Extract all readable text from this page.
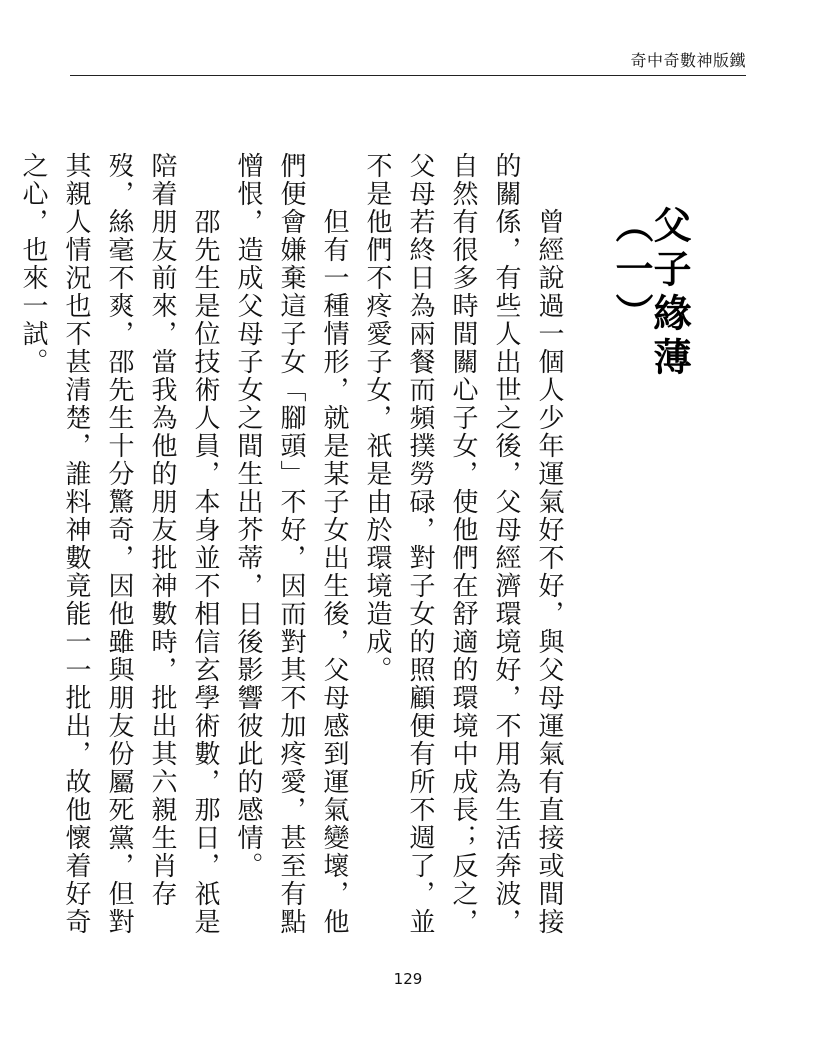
奇中奇數神版鐵
父子緣薄（一）

　　曾經說過一個人少年運氣好不好，與父母運氣有直接或間接的關係，有些人出世之後，父母經濟環境好，不用為生活奔波，自然有很多時間關心子女，使他們在舒適的環境中成長；反之，父母若終日為兩餐而頻撲勞碌，對子女的照顧便有所不週了，並不是他們不疼愛子女，祇是由於環境造成。

　　但有一種情形，就是某子女出生後，父母感到運氣變壞，他們便會嫌棄這子女「腳頭」不好，因而對其不加疼愛，甚至有點憎恨，造成父母子女之間生出芥蒂，日後影響彼此的感情。

　　邵先生是位技術人員，本身並不相信玄學術數，那日，祇是陪着朋友前來，當我為他的朋友批神數時，批出其六親生肖存歿，絲毫不爽，邵先生十分驚奇，因他雖與朋友份屬死黨，但對其親人情況也不甚清楚，誰料神數竟能一一批出，故他懷着好奇之心，也來一試。

129
